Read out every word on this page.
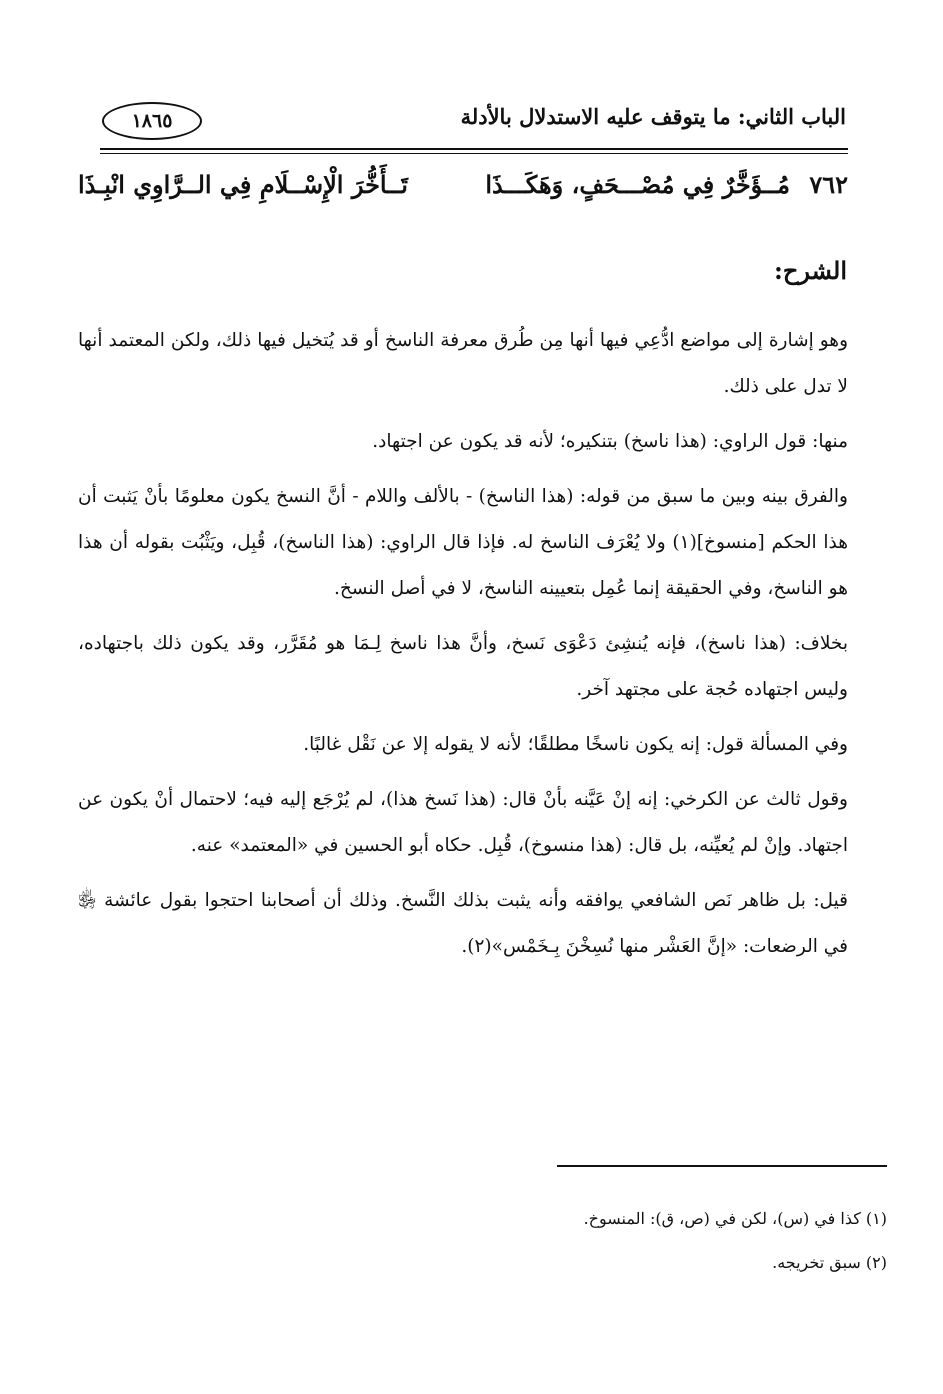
الباب الثاني: ما يتوقف عليه الاستدلال بالأدلة
١٨٦٥
٧٦٢
مُــؤَخَّرٌ فِي مُصْـــحَفٍ، وَهَكَـــذَا
تَــأَخُّرَ الْإِسْــلَامِ فِي الــرَّاوِي انْبِـذَا
الشرح:

وهو إشارة إلى مواضع ادُّعِي فيها أنها مِن طُرق معرفة الناسخ أو قد يُتخيل فيها ذلك، ولكن المعتمد أنها لا تدل على ذلك.

منها: قول الراوي: (هذا ناسخ) بتنكيره؛ لأنه قد يكون عن اجتهاد.

والفرق بينه وبين ما سبق من قوله: (هذا الناسخ) - بالألف واللام - أنَّ النسخ يكون معلومًا بأنْ يَثبت أن هذا الحكم [منسوخ](١) ولا يُعْرَف الناسخ له. فإذا قال الراوي: (هذا الناسخ)، قُبِل، ويَثْبُت بقوله أن هذا هو الناسخ، وفي الحقيقة إنما عُمِل بتعيينه الناسخ، لا في أصل النسخ.

بخلاف: (هذا ناسخ)، فإنه يُنشِئ دَعْوَى نَسخ، وأنَّ هذا ناسخ لِـمَا هو مُقَرَّر، وقد يكون ذلك باجتهاده، وليس اجتهاده حُجة على مجتهد آخر.

وفي المسألة قول: إنه يكون ناسخًا مطلقًا؛ لأنه لا يقوله إلا عن نَقْل غالبًا.

وقول ثالث عن الكرخي: إنه إنْ عَيَّنه بأنْ قال: (هذا نَسخ هذا)، لم يُرْجَع إليه فيه؛ لاحتمال أنْ يكون عن اجتهاد. وإنْ لم يُعيِّنه، بل قال: (هذا منسوخ)، قُبِل. حكاه أبو الحسين في «المعتمد» عنه.

قيل: بل ظاهر نَص الشافعي يوافقه وأنه يثبت بذلك النَّسخ. وذلك أن أصحابنا احتجوا بقول عائشة ﵂ في الرضعات: «إنَّ العَشْر منها نُسِخْنَ بِـخَمْس»(٢).

(١) كذا في (س)، لكن في (ص، ق): المنسوخ.
(٢) سبق تخريجه.
